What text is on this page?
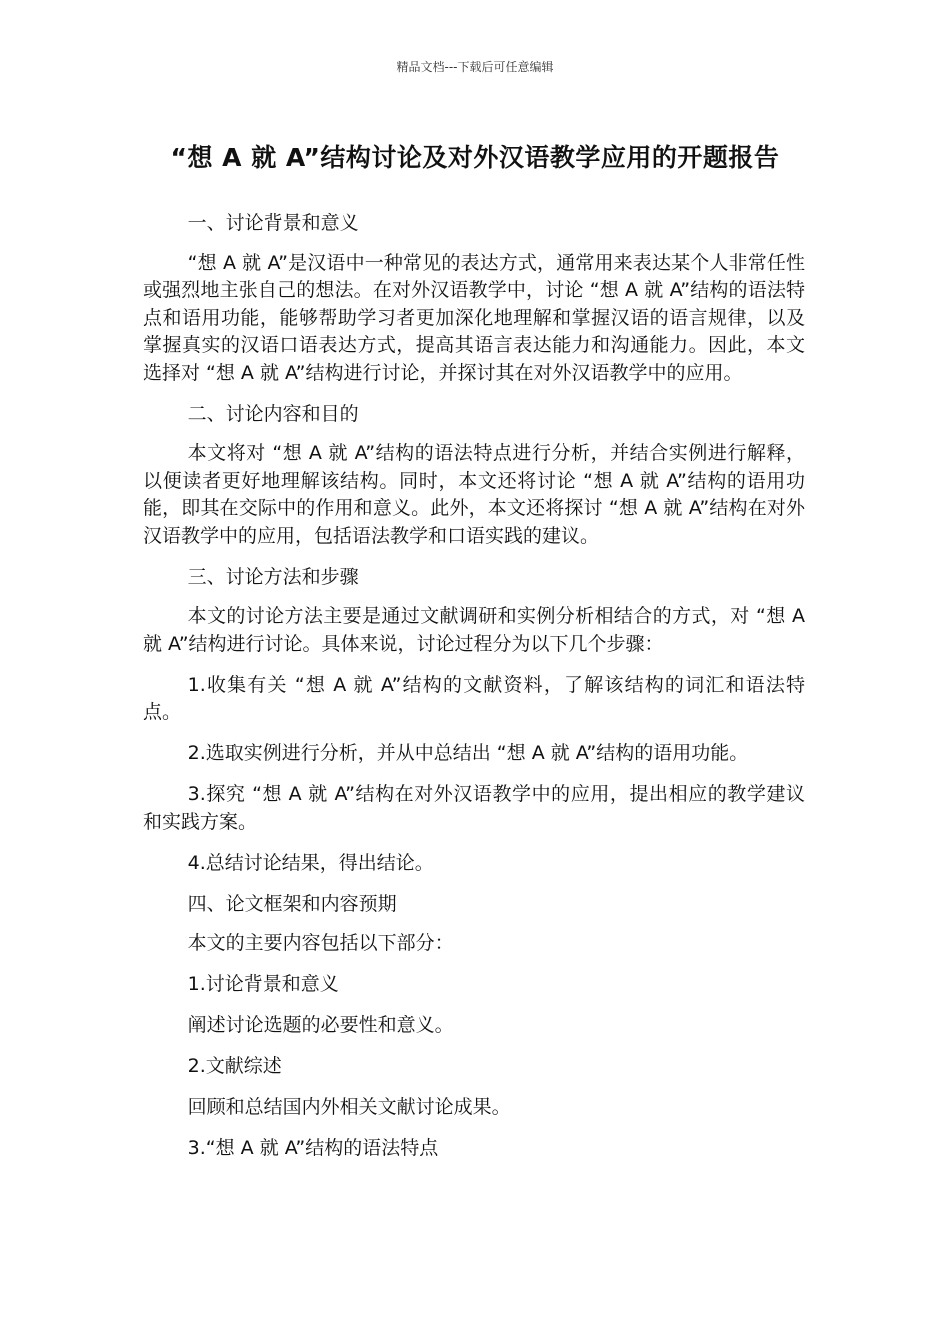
精品文档---下载后可任意编辑
“想 A 就 A”结构讨论及对外汉语教学应用的开题报告

一、讨论背景和意义

“想 A 就 A”是汉语中一种常见的表达方式，通常用来表达某个人非常任性或强烈地主张自己的想法。在对外汉语教学中，讨论 “想 A 就 A”结构的语法特点和语用功能，能够帮助学习者更加深化地理解和掌握汉语的语言规律，以及掌握真实的汉语口语表达方式，提高其语言表达能力和沟通能力。因此，本文选择对 “想 A 就 A”结构进行讨论，并探讨其在对外汉语教学中的应用。

二、讨论内容和目的

本文将对 “想 A 就 A”结构的语法特点进行分析，并结合实例进行解释，以便读者更好地理解该结构。同时，本文还将讨论 “想 A 就 A”结构的语用功能，即其在交际中的作用和意义。此外，本文还将探讨 “想 A 就 A”结构在对外汉语教学中的应用，包括语法教学和口语实践的建议。

三、讨论方法和步骤

本文的讨论方法主要是通过文献调研和实例分析相结合的方式，对 “想 A 就 A”结构进行讨论。具体来说，讨论过程分为以下几个步骤：

1.收集有关 “想 A 就 A”结构的文献资料，了解该结构的词汇和语法特点。

2.选取实例进行分析，并从中总结出 “想 A 就 A”结构的语用功能。

3.探究 “想 A 就 A”结构在对外汉语教学中的应用，提出相应的教学建议和实践方案。

4.总结讨论结果，得出结论。

四、论文框架和内容预期

本文的主要内容包括以下部分：

1.讨论背景和意义

阐述讨论选题的必要性和意义。

2.文献综述

回顾和总结国内外相关文献讨论成果。

3.“想 A 就 A”结构的语法特点
